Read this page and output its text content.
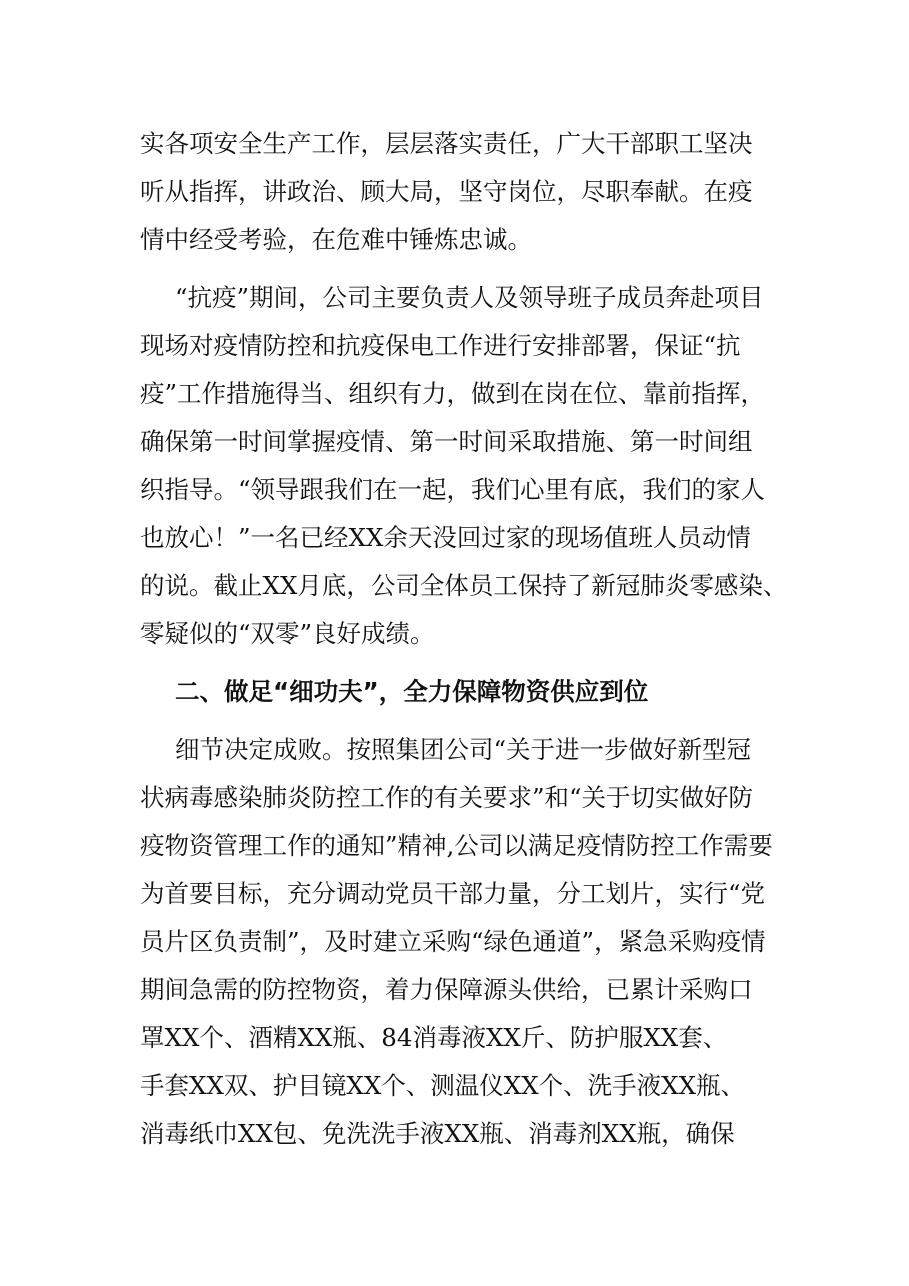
实各项安全生产工作，层层落实责任，广大干部职工坚决
听从指挥，讲政治、顾大局，坚守岗位，尽职奉献。在疫
情中经受考验，在危难中锤炼忠诚。
“抗疫”期间，公司主要负责人及领导班子成员奔赴项目
现场对疫情防控和抗疫保电工作进行安排部署，保证“抗
疫”工作措施得当、组织有力，做到在岗在位、靠前指挥，
确保第一时间掌握疫情、第一时间采取措施、第一时间组
织指导。“领导跟我们在一起，我们心里有底，我们的家人
也放心！”一名已经XX余天没回过家的现场值班人员动情
的说。截止XX月底，公司全体员工保持了新冠肺炎零感染、
零疑似的“双零”良好成绩。
二、做足“细功夫”，全力保障物资供应到位
细节决定成败。按照集团公司“关于进一步做好新型冠
状病毒感染肺炎防控工作的有关要求”和“关于切实做好防
疫物资管理工作的通知”精神,公司以满足疫情防控工作需要
为首要目标，充分调动党员干部力量，分工划片，实行“党
员片区负责制”，及时建立采购“绿色通道”，紧急采购疫情
期间急需的防控物资，着力保障源头供给，已累计采购口
罩XX个、酒精XX瓶、84消毒液XX斤、防护服XX套、
手套XX双、护目镜XX个、测温仪XX个、洗手液XX瓶、
消毒纸巾XX包、免洗洗手液XX瓶、消毒剂XX瓶，确保
